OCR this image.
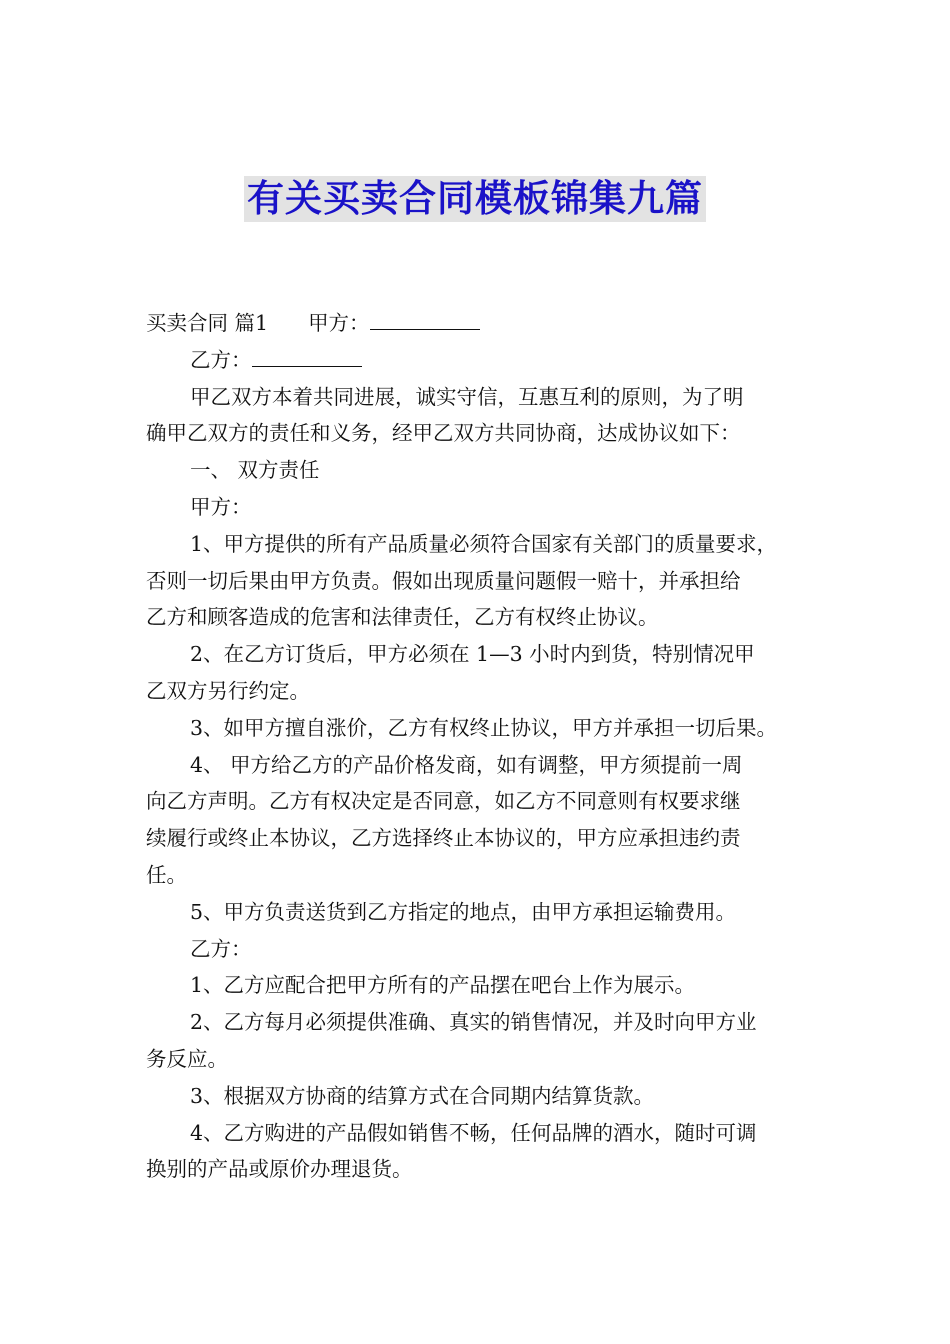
有关买卖合同模板锦集九篇

买卖合同 篇1 甲方：

乙方：

甲乙双方本着共同进展，诚实守信，互惠互利的原则，为了明

确甲乙双方的责任和义务，经甲乙双方共同协商，达成协议如下：

一、 双方责任

甲方：

1、甲方提供的所有产品质量必须符合国家有关部门的质量要求，

否则一切后果由甲方负责。假如出现质量问题假一赔十，并承担给

乙方和顾客造成的危害和法律责任，乙方有权终止协议。

2、在乙方订货后，甲方必须在 1—3 小时内到货，特别情况甲

乙双方另行约定。

3、如甲方擅自涨价，乙方有权终止协议，甲方并承担一切后果。

4、 甲方给乙方的产品价格发商，如有调整，甲方须提前一周

向乙方声明。乙方有权决定是否同意，如乙方不同意则有权要求继

续履行或终止本协议，乙方选择终止本协议的，甲方应承担违约责

任。

5、甲方负责送货到乙方指定的地点，由甲方承担运输费用。

乙方：

1、乙方应配合把甲方所有的产品摆在吧台上作为展示。

2、乙方每月必须提供准确、真实的销售情况，并及时向甲方业

务反应。

3、根据双方协商的结算方式在合同期内结算货款。

4、乙方购进的产品假如销售不畅，任何品牌的酒水，随时可调

换别的产品或原价办理退货。
